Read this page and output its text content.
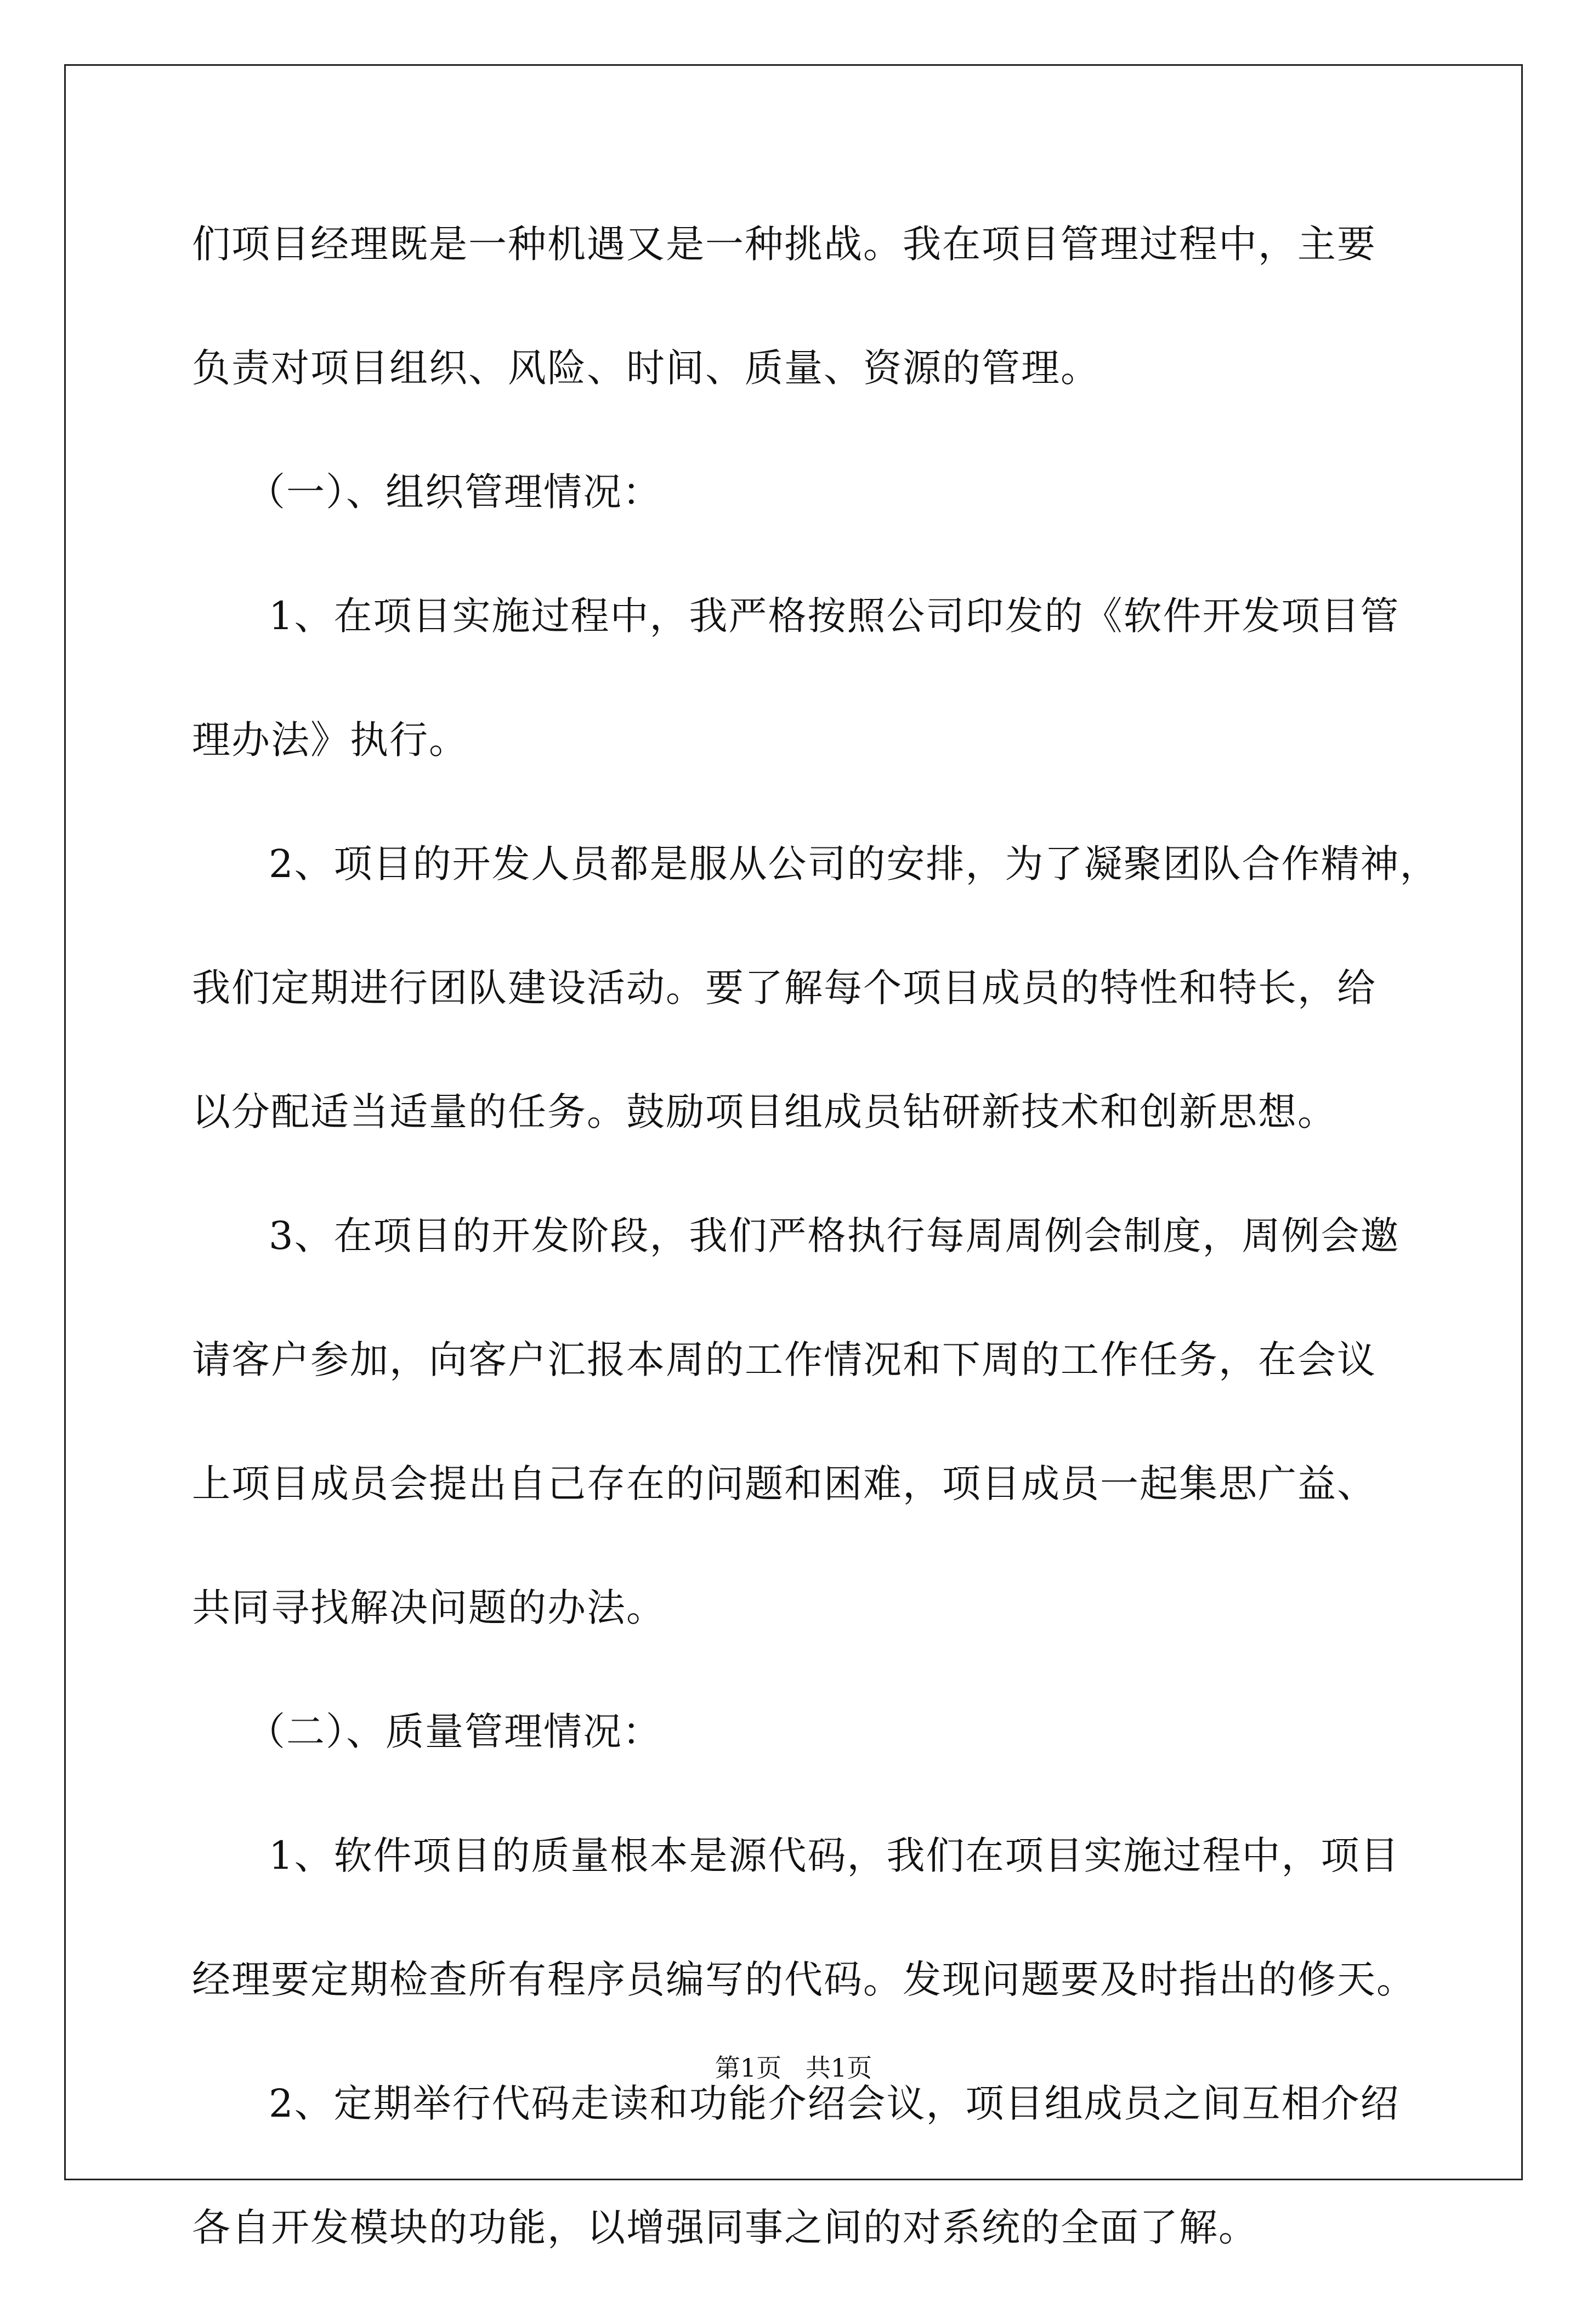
们项目经理既是一种机遇又是一种挑战。我在项目管理过程中，主要
负责对项目组织、风险、时间、质量、资源的管理。
（一）、组织管理情况：
1、在项目实施过程中，我严格按照公司印发的《软件开发项目管
理办法》执行。
2、项目的开发人员都是服从公司的安排，为了凝聚团队合作精神，
我们定期进行团队建设活动。要了解每个项目成员的特性和特长，给
以分配适当适量的任务。鼓励项目组成员钻研新技术和创新思想。
3、在项目的开发阶段，我们严格执行每周周例会制度，周例会邀
请客户参加，向客户汇报本周的工作情况和下周的工作任务，在会议
上项目成员会提出自己存在的问题和困难，项目成员一起集思广益、
共同寻找解决问题的办法。
（二）、质量管理情况：
1、软件项目的质量根本是源代码，我们在项目实施过程中，项目
经理要定期检查所有程序员编写的代码。发现问题要及时指出的修天。
2、定期举行代码走读和功能介绍会议，项目组成员之间互相介绍
各自开发模块的功能，以增强同事之间的对系统的全面了解。
第1页   共1页
